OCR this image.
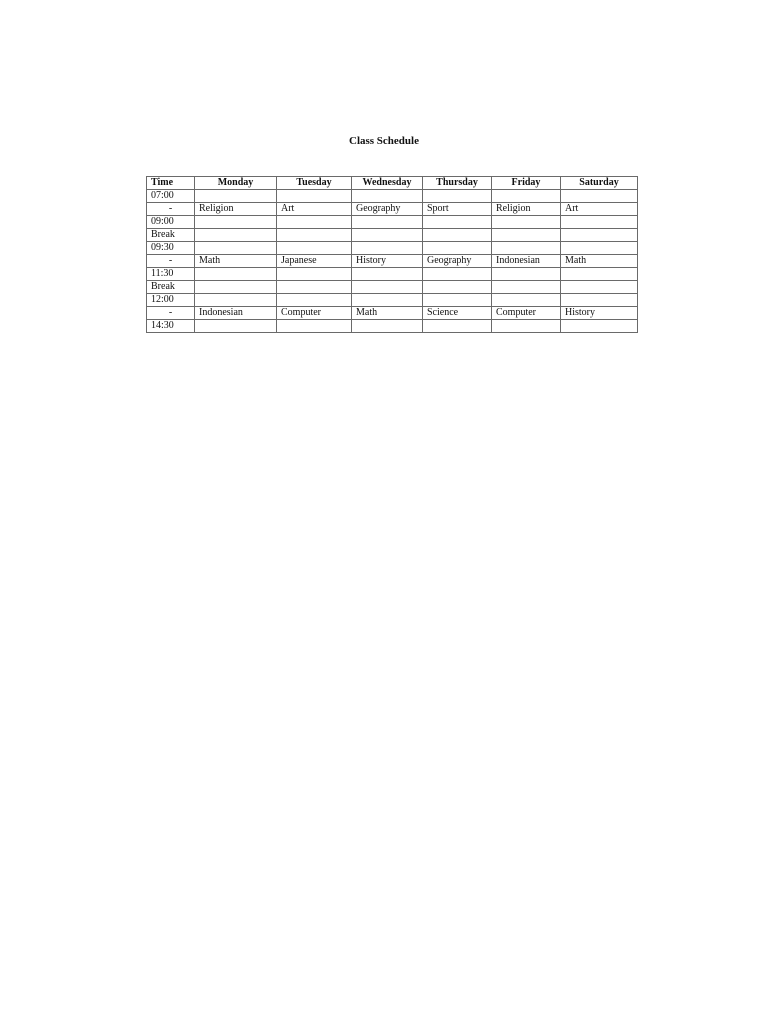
Class Schedule
Time	Monday	Tuesday	Wednesday	Thursday	Friday	Saturday
07:00						
-	Religion	Art	Geography	Sport	Religion	Art
09:00						
Break						
09:30						
-	Math	Japanese	History	Geography	Indonesian	Math
11:30						
Break						
12:00						
-	Indonesian	Computer	Math	Science	Computer	History
14:30						
